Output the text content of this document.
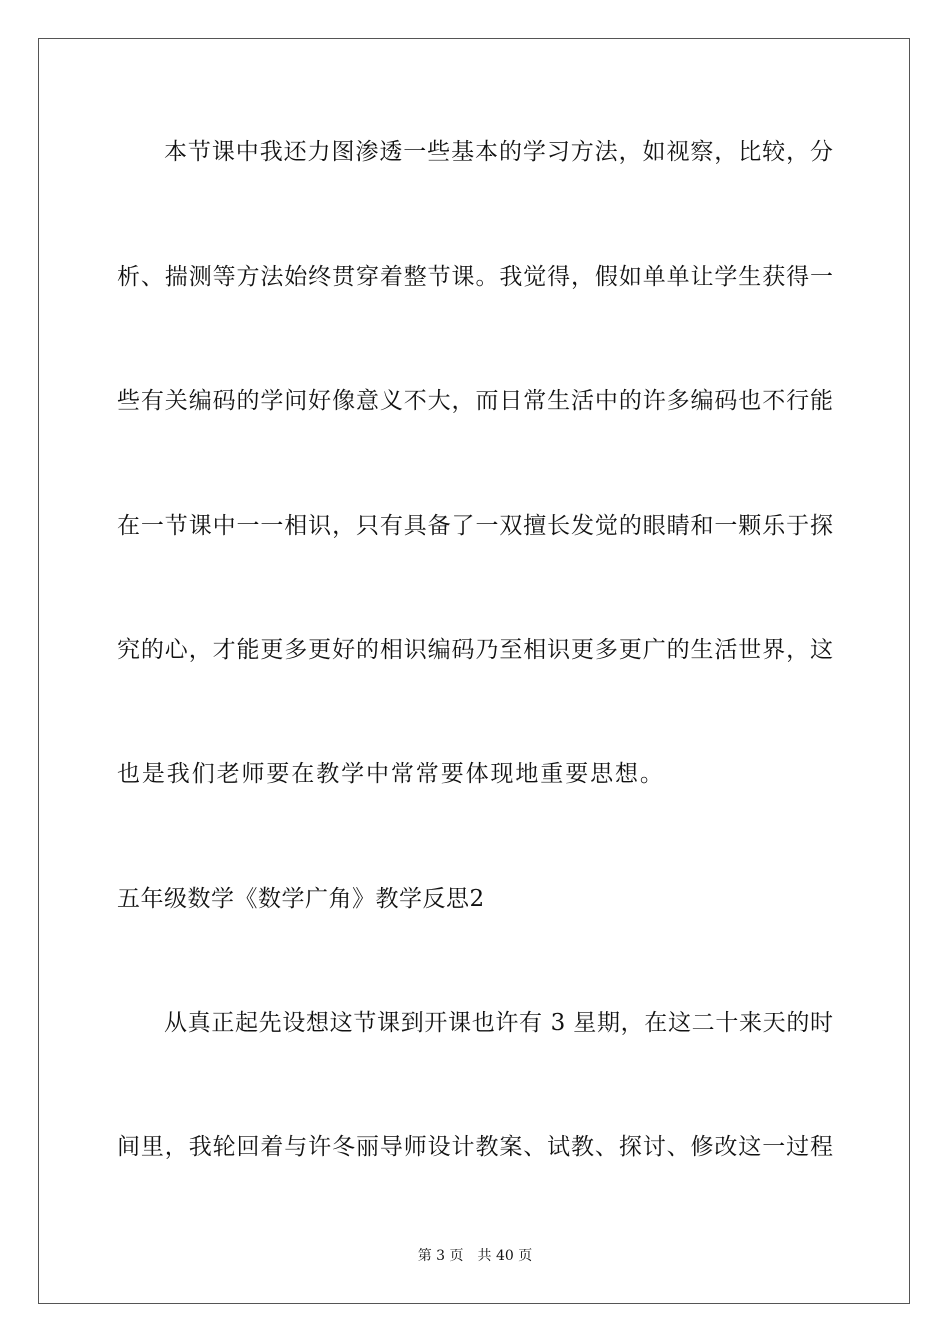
本节课中我还力图渗透一些基本的学习方法，如视察，比较，分
析、揣测等方法始终贯穿着整节课。我觉得，假如单单让学生获得一
些有关编码的学问好像意义不大，而日常生活中的许多编码也不行能
在一节课中一一相识，只有具备了一双擅长发觉的眼睛和一颗乐于探
究的心，才能更多更好的相识编码乃至相识更多更广的生活世界，这
也是我们老师要在教学中常常要体现地重要思想。
五年级数学《数学广角》教学反思2
从真正起先设想这节课到开课也许有 3 星期，在这二十来天的时
间里，我轮回着与许冬丽导师设计教案、试教、探讨、修改这一过程
第 3 页 共 40 页
